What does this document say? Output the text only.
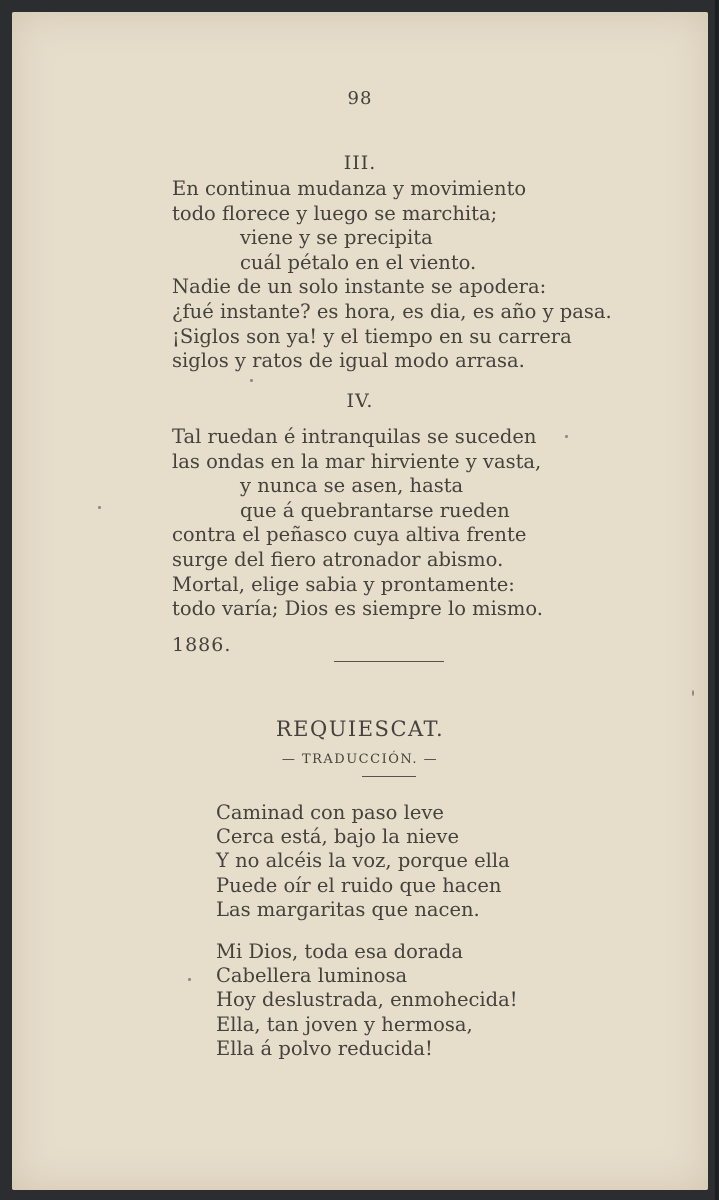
98
III.
En continua mudanza y movimiento
todo florece y luego se marchita;
viene y se precipita
cuál pétalo en el viento.
Nadie de un solo instante se apodera:
¿fué instante? es hora, es dia, es año y pasa.
¡Siglos son ya! y el tiempo en su carrera
siglos y ratos de igual modo arrasa.
IV.
Tal ruedan é intranquilas se suceden
las ondas en la mar hirviente y vasta,
y nunca se asen, hasta
que á quebrantarse rueden
contra el peñasco cuya altiva frente
surge del fiero atronador abismo.
Mortal, elige sabia y prontamente:
todo varía; Dios es siempre lo mismo.
1886.
REQUIESCAT.
— TRADUCCIÓN. —
Caminad con paso leve
Cerca está, bajo la nieve
Y no alcéis la voz, porque ella
Puede oír el ruido que hacen
Las margaritas que nacen.
Mi Dios, toda esa dorada
Cabellera luminosa
Hoy deslustrada, enmohecida!
Ella, tan joven y hermosa,
Ella á polvo reducida!
